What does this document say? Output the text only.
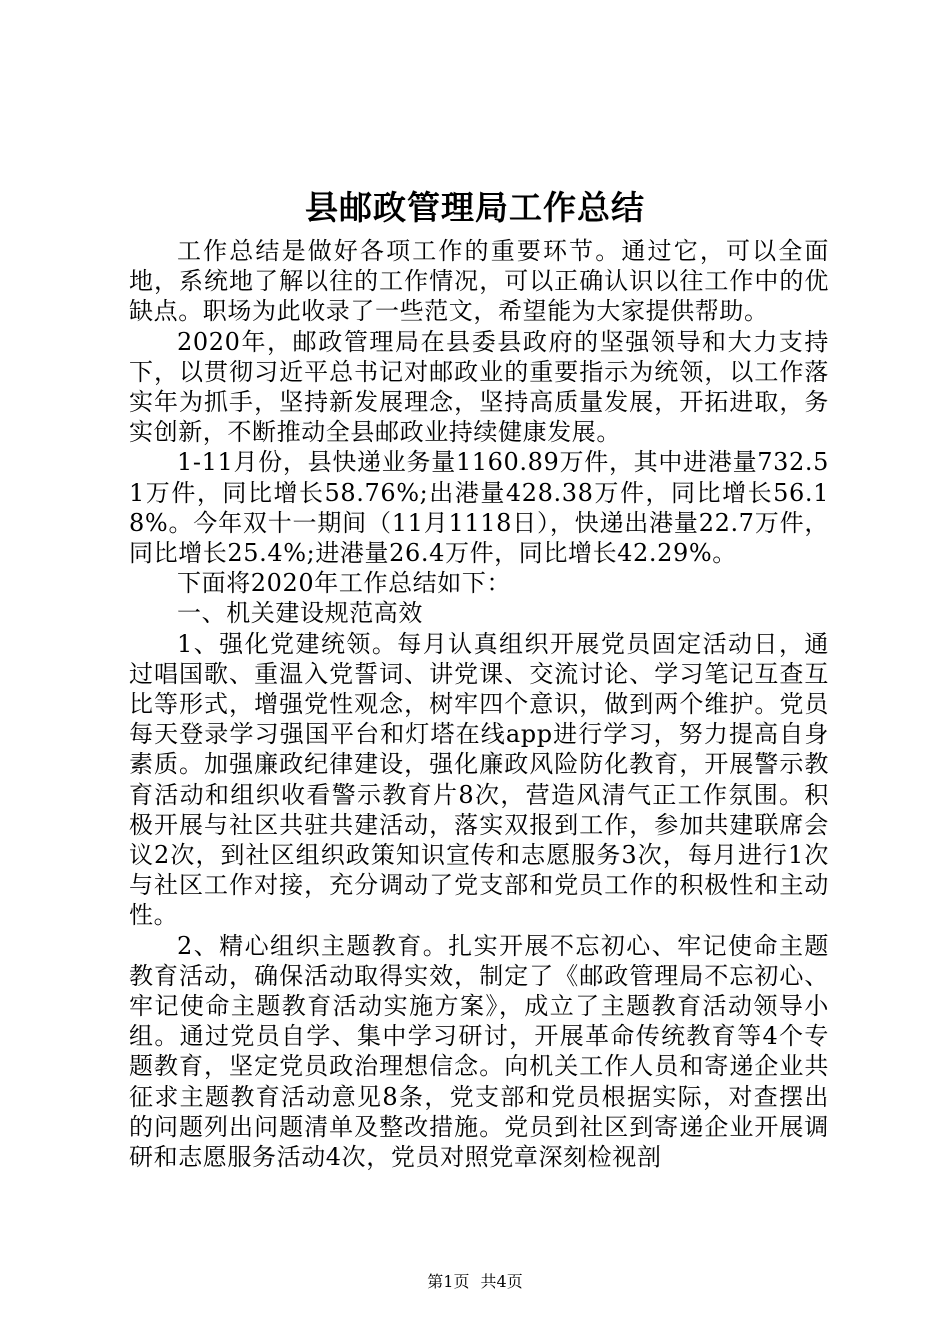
县邮政管理局工作总结

工作总结是做好各项工作的重要环节。通过它，可以全面地，系统地了解以往的工作情况，可以正确认识以往工作中的优缺点。职场为此收录了一些范文，希望能为大家提供帮助。

2020年，邮政管理局在县委县政府的坚强领导和大力支持下，以贯彻习近平总书记对邮政业的重要指示为统领，以工作落实年为抓手，坚持新发展理念，坚持高质量发展，开拓进取，务实创新，不断推动全县邮政业持续健康发展。

1-11月份，县快递业务量1160.89万件，其中进港量732.51万件，同比增长58.76%;出港量428.38万件，同比增长56.18%。今年双十一期间（11月1118日），快递出港量22.7万件，同比增长25.4%;进港量26.4万件，同比增长42.29%。

下面将2020年工作总结如下：

一、机关建设规范高效

1、强化党建统领。每月认真组织开展党员固定活动日，通过唱国歌、重温入党誓词、讲党课、交流讨论、学习笔记互查互比等形式，增强党性观念，树牢四个意识，做到两个维护。党员每天登录学习强国平台和灯塔在线app进行学习，努力提高自身素质。加强廉政纪律建设，强化廉政风险防化教育，开展警示教育活动和组织收看警示教育片8次，营造风清气正工作氛围。积极开展与社区共驻共建活动，落实双报到工作，参加共建联席会议2次，到社区组织政策知识宣传和志愿服务3次，每月进行1次与社区工作对接，充分调动了党支部和党员工作的积极性和主动性。

2、精心组织主题教育。扎实开展不忘初心、牢记使命主题教育活动，确保活动取得实效，制定了《邮政管理局不忘初心、牢记使命主题教育活动实施方案》，成立了主题教育活动领导小组。通过党员自学、集中学习研讨，开展革命传统教育等4个专题教育，坚定党员政治理想信念。向机关工作人员和寄递企业共征求主题教育活动意见8条，党支部和党员根据实际，对查摆出的问题列出问题清单及整改措施。党员到社区到寄递企业开展调研和志愿服务活动4次，党员对照党章深刻检视剖

第1页 共4页
